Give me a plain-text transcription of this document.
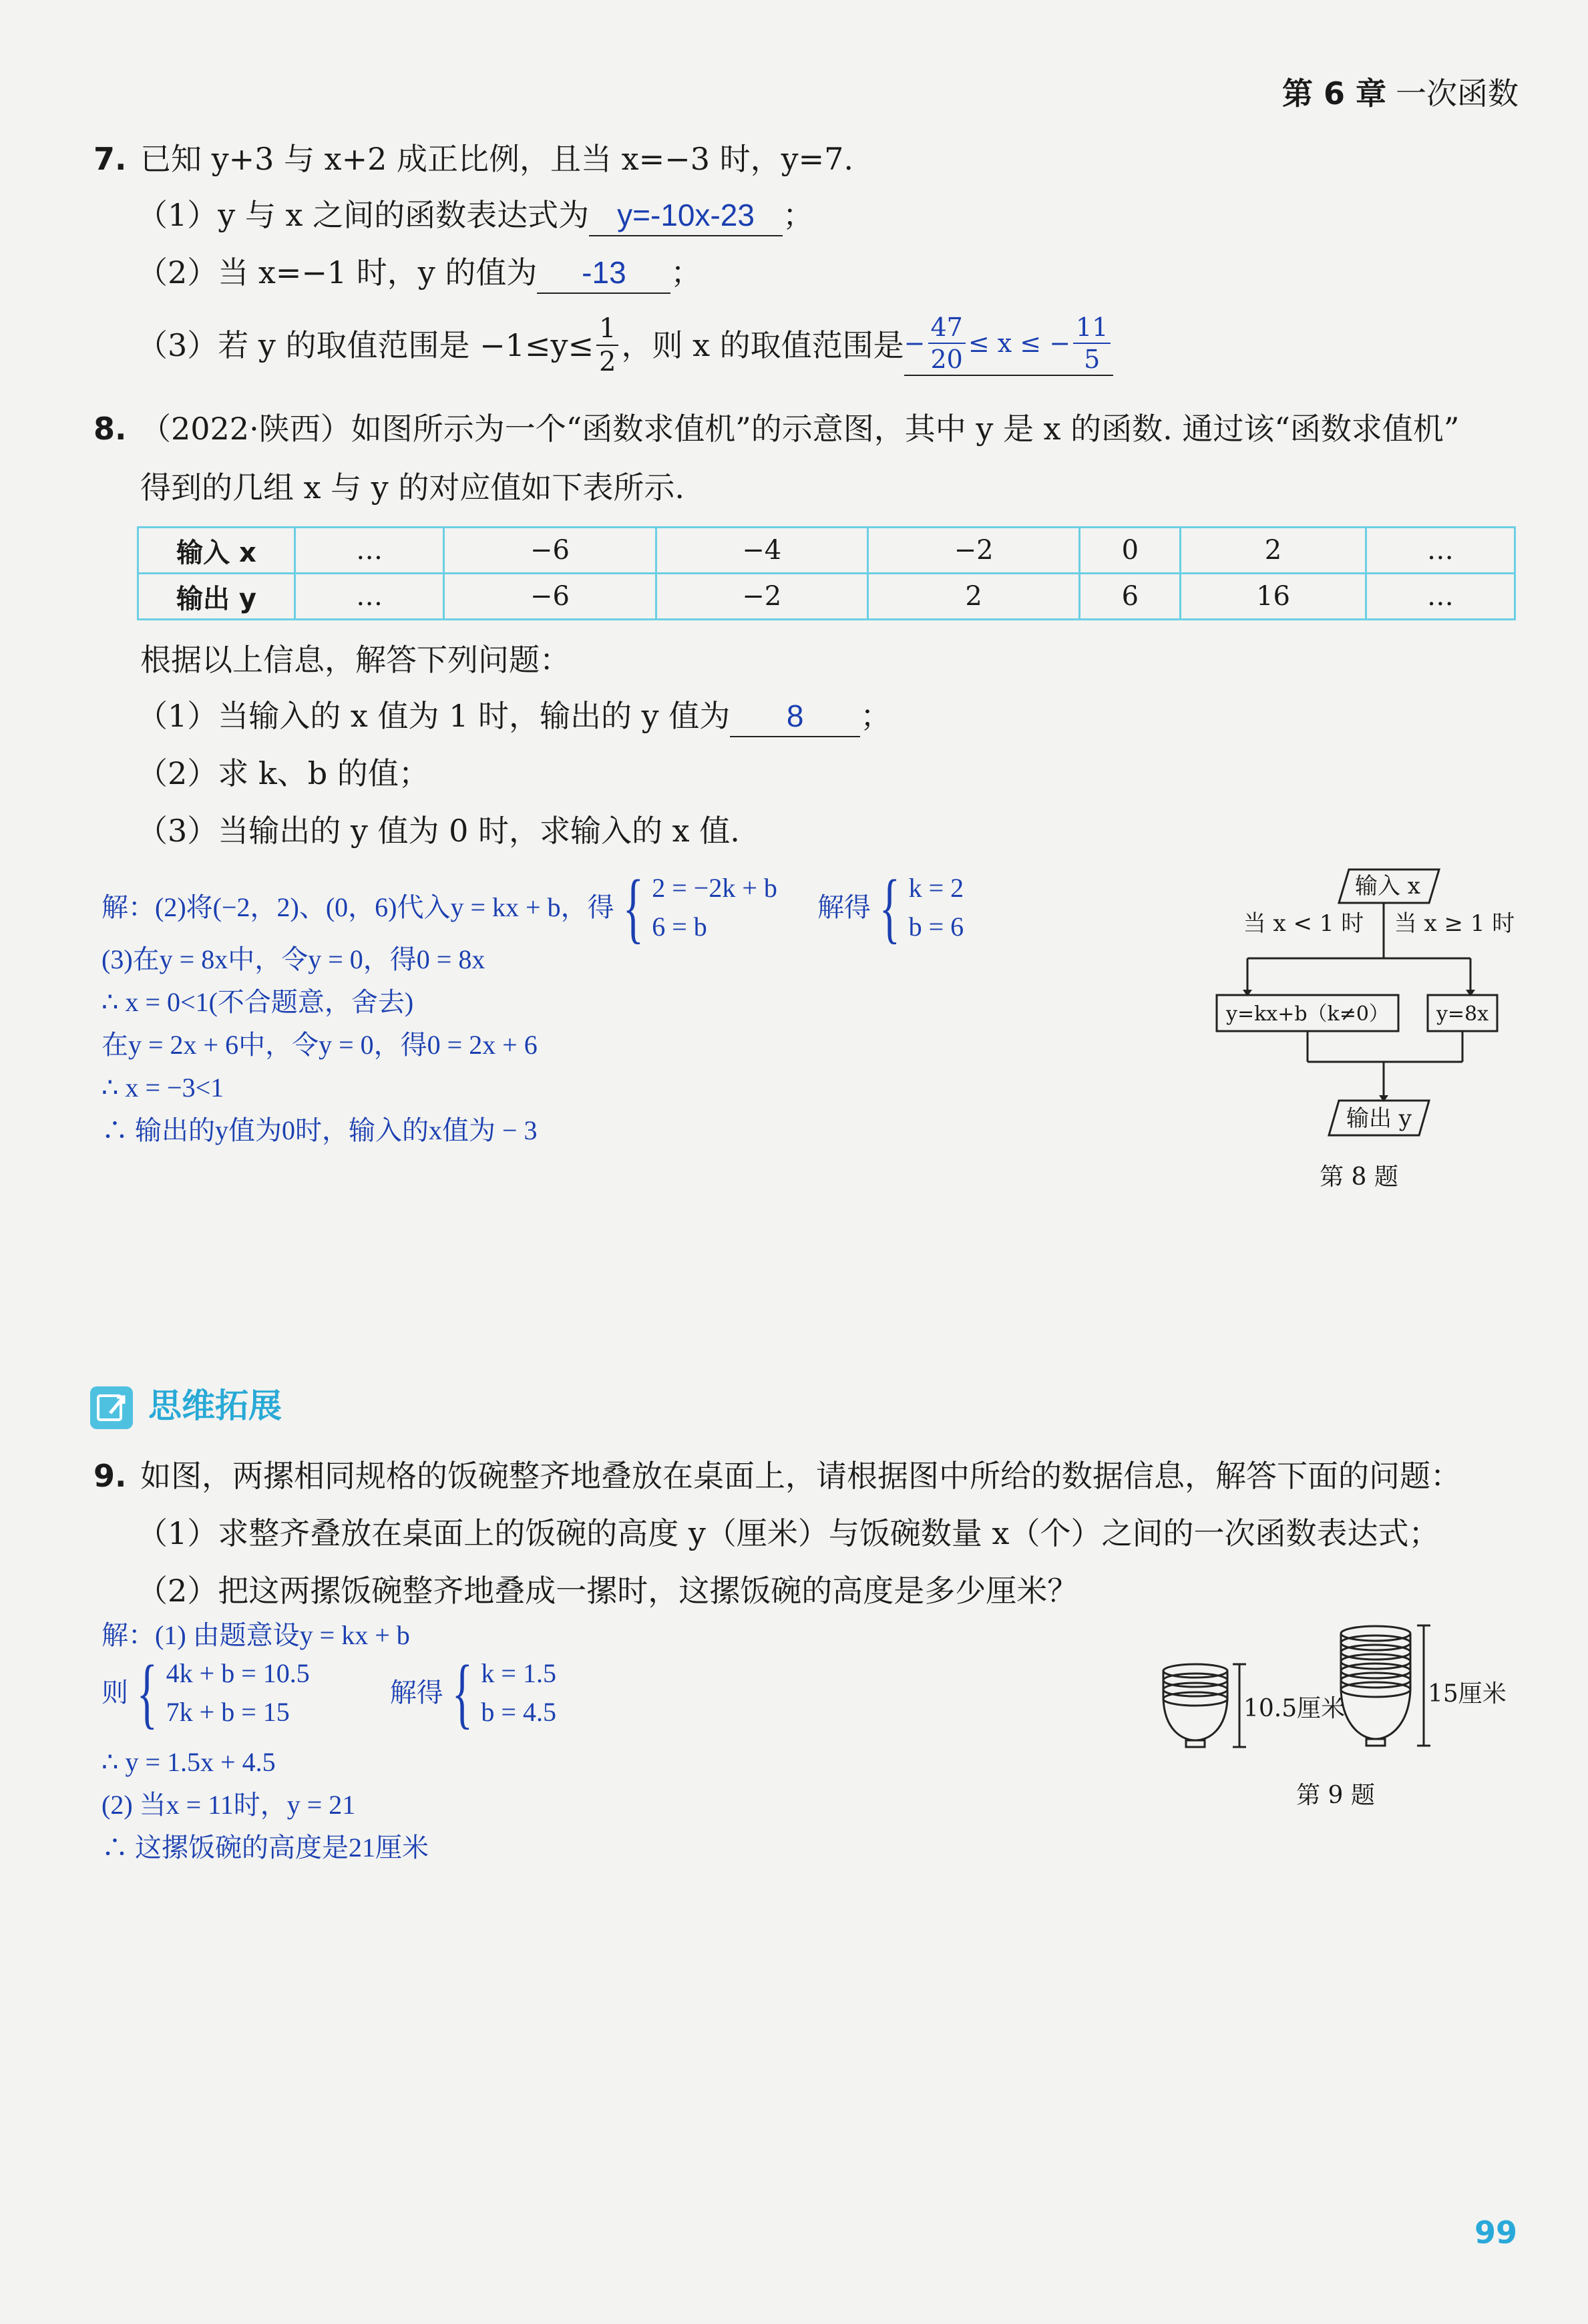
第 6 章 一次函数
7. 已知 y+3 与 x+2 成正比例，且当 x=−3 时，y=7.
（1）y 与 x 之间的函数表达式为 y=-10x-23 ；
（2）当 x=−1 时，y 的值为 -13 ；
（3）若 y 的取值范围是 $-1\le y\le \frac{1}{2}$ ，则 x 的取值范围是 − $\frac{47}{20} \le x$ ≤ − $\frac{11}{5}$
8. （2022·陕西）如图所示为一个“函数求值机”的示意图，其中 y 是 x 的函数. 通过该“函数求值机”
得到的几组 x 与 y 的对应值如下表所示.
输入 x	…	−6	−4	−2	0	2	…
输出 y	…	−6	−2	2	6	16	…
根据以上信息，解答下列问题：
（1）当输入的 x 值为 1 时，输出的 y 值为 8 ；
（2）求 k、b 的值；
（3）当输出的 y 值为 0 时，求输入的 x 值.
解：(2)将(−2，2)、(0，6)代入y = kx + b，得 { 2 = −2k + b
6 = b
解得 { k = 2
b = 6
(3)在y = 8x中，令y = 0，得0 = 8x
∴ x = 0<1(不合题意，舍去)
在y = 2x + 6中，令y = 0，得0 = 2x + 6
∴ x = −3<1
∴ 输出的y值为0时，输入的x值为 − 3
输入 x
当 x < 1 时 当 x ≥ 1 时
y=kx+b（k≠0） y=8x
输出 y
第 8 题
思维拓展
9. 如图，两摞相同规格的饭碗整齐地叠放在桌面上，请根据图中所给的数据信息，解答下面的问题：
（1）求整齐叠放在桌面上的饭碗的高度 y（厘米）与饭碗数量 x（个）之间的一次函数表达式；
（2）把这两摞饭碗整齐地叠成一摞时，这摞饭碗的高度是多少厘米？
解：(1) 由题意设y = kx + b
则 { 4k + b = 10.5
7k + b = 15
解得 { k = 1.5
b = 4.5
∴ y = 1.5x + 4.5
(2) 当x = 11时，y = 21
∴ 这摞饭碗的高度是21厘米
10.5厘米
15厘米
第 9 题
99
